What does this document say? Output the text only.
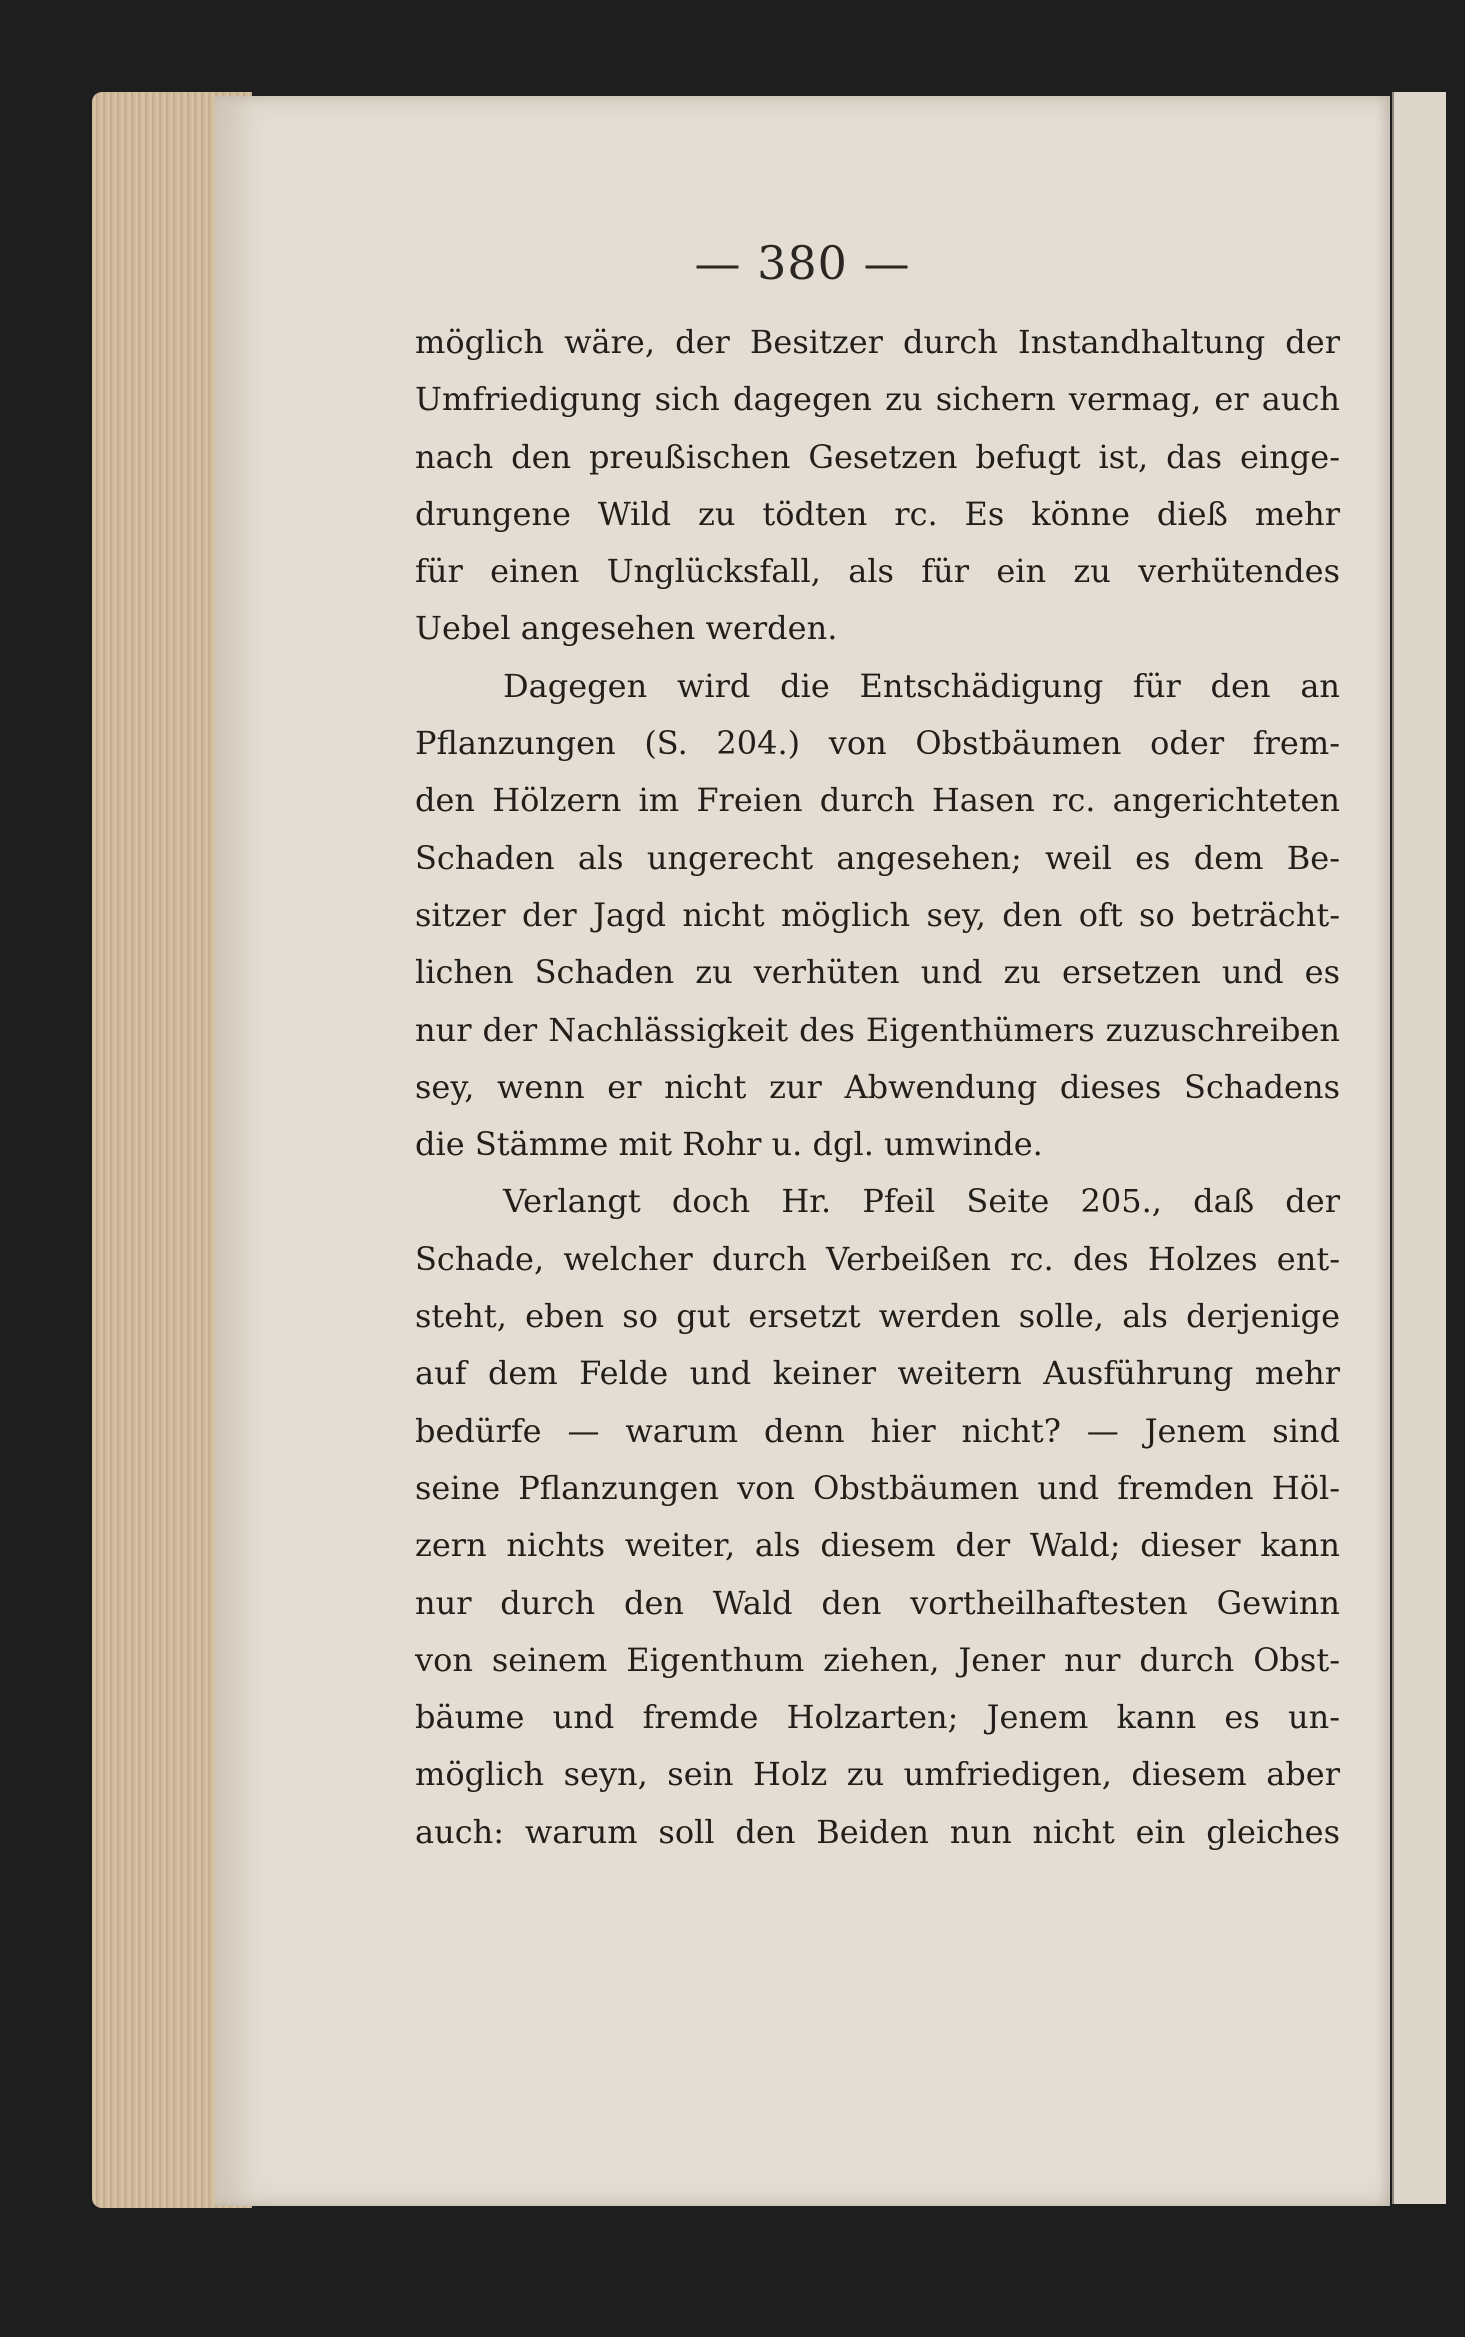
— 380 —
möglich wäre, der Besitzer durch Instandhaltung der
Umfriedigung sich dagegen zu sichern vermag, er auch
nach den preußischen Gesetzen befugt ist, das einge-
drungene Wild zu tödten rc. Es könne dieß mehr
für einen Unglücksfall, als für ein zu verhütendes
Uebel angesehen werden.
Dagegen wird die Entschädigung für den an
Pflanzungen (S. 204.) von Obstbäumen oder frem-
den Hölzern im Freien durch Hasen rc. angerichteten
Schaden als ungerecht angesehen; weil es dem Be-
sitzer der Jagd nicht möglich sey, den oft so beträcht-
lichen Schaden zu verhüten und zu ersetzen und es
nur der Nachlässigkeit des Eigenthümers zuzuschreiben
sey, wenn er nicht zur Abwendung dieses Schadens
die Stämme mit Rohr u. dgl. umwinde.
Verlangt doch Hr. Pfeil Seite 205., daß der
Schade, welcher durch Verbeißen rc. des Holzes ent-
steht, eben so gut ersetzt werden solle, als derjenige
auf dem Felde und keiner weitern Ausführung mehr
bedürfe — warum denn hier nicht? — Jenem sind
seine Pflanzungen von Obstbäumen und fremden Höl-
zern nichts weiter, als diesem der Wald; dieser kann
nur durch den Wald den vortheilhaftesten Gewinn
von seinem Eigenthum ziehen, Jener nur durch Obst-
bäume und fremde Holzarten; Jenem kann es un-
möglich seyn, sein Holz zu umfriedigen, diesem aber
auch: warum soll den Beiden nun nicht ein gleiches
